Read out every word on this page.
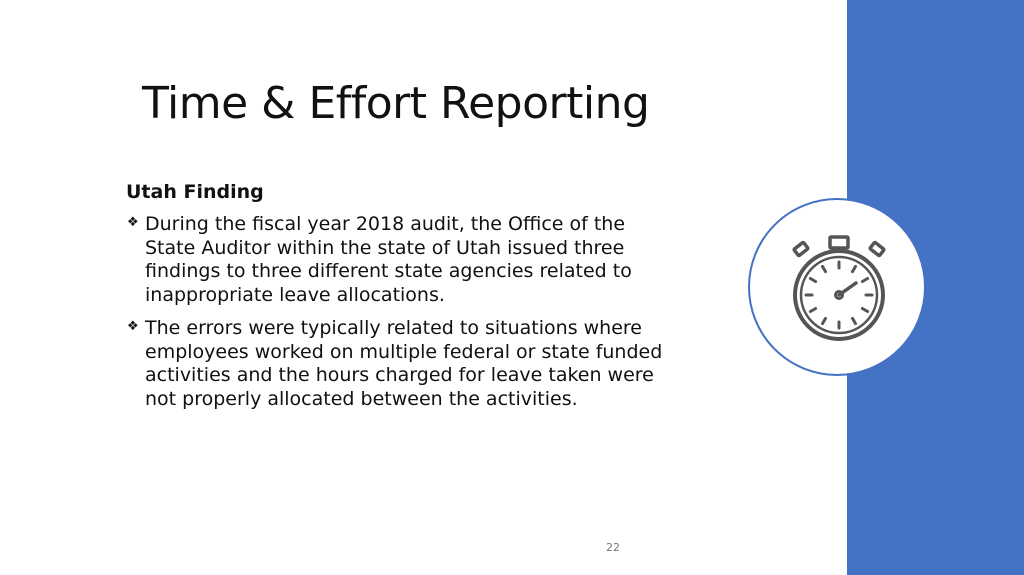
Time & Effort Reporting

Utah Finding

❖ During the fiscal year 2018 audit, the Office of the State Auditor within the state of Utah issued three findings to three different state agencies related to inappropriate leave allocations.
❖ The errors were typically related to situations where employees worked on multiple federal or state funded activities and the hours charged for leave taken were not properly allocated between the activities.
22
